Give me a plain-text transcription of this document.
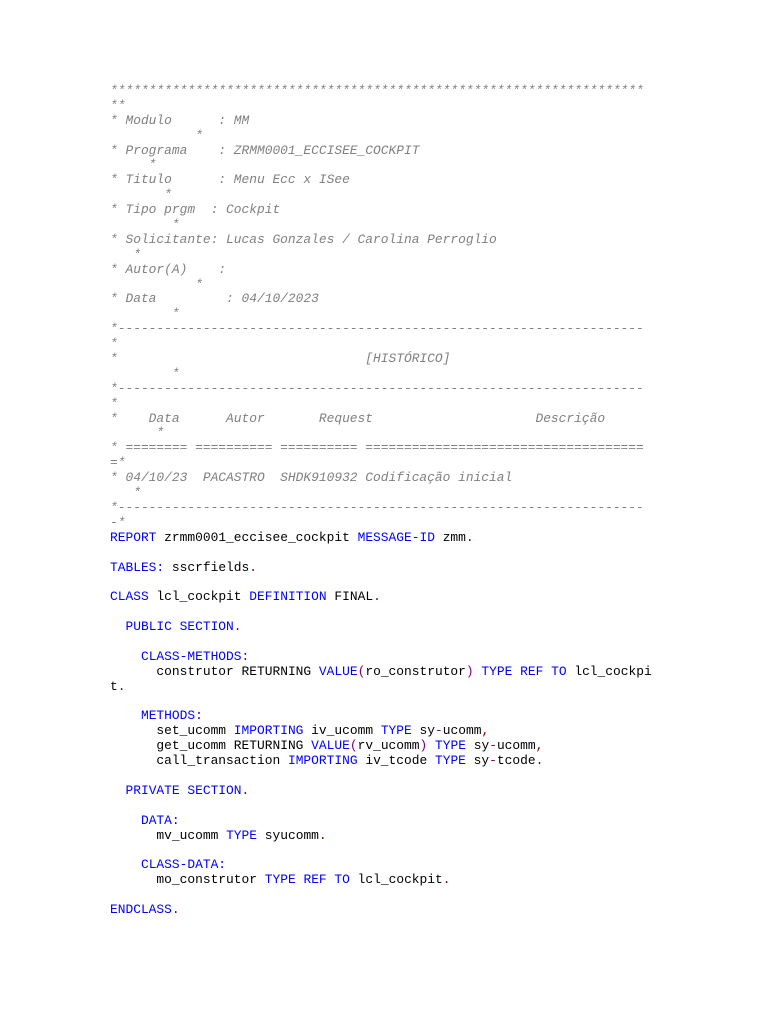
*********************************************************************
**
* Modulo      : MM
*
* Programa    : ZRMM0001_ECCISEE_COCKPIT
*
* Titulo      : Menu Ecc x ISee
*
* Tipo prgm  : Cockpit
*
* Solicitante: Lucas Gonzales / Carolina Perroglio
*
* Autor(A)    :
*
* Data         : 04/10/2023
*
*--------------------------------------------------------------------
*
*                                [HISTÓRICO]
*
*--------------------------------------------------------------------
*
*    Data      Autor       Request                     Descrição
*
* ======== ========== ========== ====================================
=*
* 04/10/23  PACASTRO  SHDK910932 Codificação inicial
*
*--------------------------------------------------------------------
-*
REPORT zrmm0001_eccisee_cockpit MESSAGE-ID zmm.
TABLES: sscrfields.
CLASS lcl_cockpit DEFINITION FINAL.
PUBLIC SECTION.
CLASS-METHODS:
construtor RETURNING VALUE(ro_construtor) TYPE REF TO lcl_cockpi
t.
METHODS:
set_ucomm IMPORTING iv_ucomm TYPE sy-ucomm,
get_ucomm RETURNING VALUE(rv_ucomm) TYPE sy-ucomm,
call_transaction IMPORTING iv_tcode TYPE sy-tcode.
PRIVATE SECTION.
DATA:
mv_ucomm TYPE syucomm.
CLASS-DATA:
mo_construtor TYPE REF TO lcl_cockpit.
ENDCLASS.
